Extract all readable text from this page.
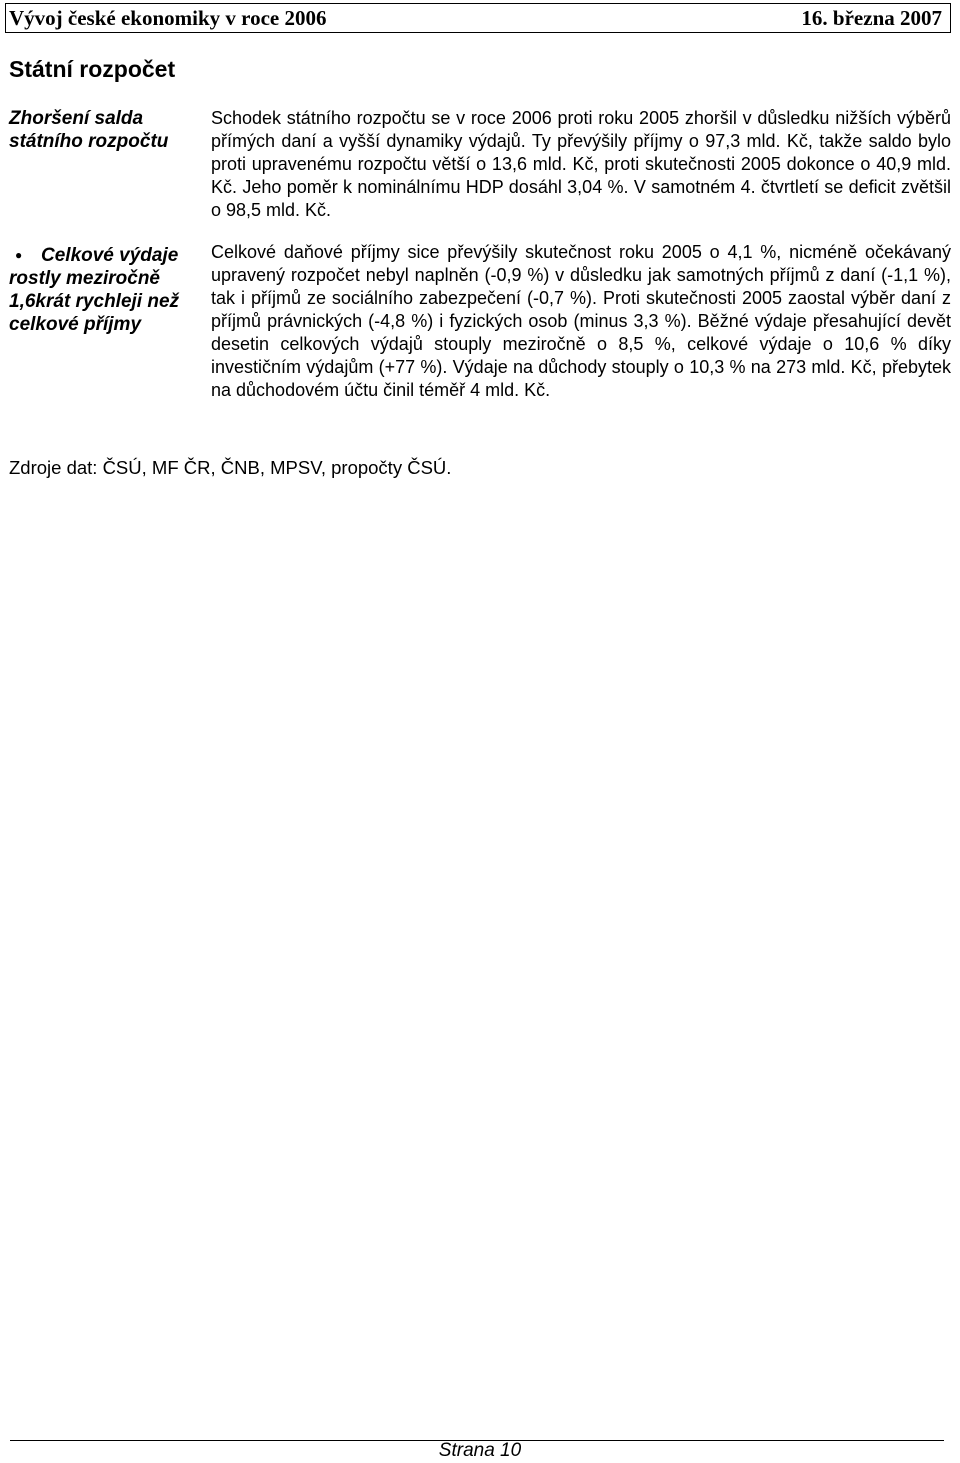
Vývoj české ekonomiky v roce 2006	16. března 2007
Státní rozpočet
Zhoršení salda státního rozpočtu

Schodek státního rozpočtu se v roce 2006 proti roku 2005 zhoršil v důsledku nižších výběrů přímých daní a vyšší dynamiky výdajů. Ty převýšily příjmy o 97,3 mld. Kč, takže saldo bylo proti upravenému rozpočtu větší o 13,6 mld. Kč, proti skutečnosti 2005 dokonce o 40,9 mld. Kč. Jeho poměr k nominálnímu HDP dosáhl 3,04 %. V samotném 4. čtvrtletí se deficit zvětšil o 98,5 mld. Kč.

● Celkové výdaje rostly meziročně 1,6krát rychleji než celkové příjmy

Celkové daňové příjmy sice převýšily skutečnost roku 2005 o 4,1 %, nicméně očekávaný upravený rozpočet nebyl naplněn (-0,9 %) v důsledku jak samotných příjmů z daní (-1,1 %), tak i příjmů ze sociálního zabezpečení (-0,7 %). Proti skutečnosti 2005 zaostal výběr daní z příjmů právnických (-4,8 %) i fyzických osob (minus 3,3 %). Běžné výdaje přesahující devět desetin celkových výdajů stouply meziročně o 8,5 %, celkové výdaje o 10,6 % díky investičním výdajům (+77 %). Výdaje na důchody stouply o 10,3 % na 273 mld. Kč, přebytek na důchodovém účtu činil téměř 4 mld. Kč.

Zdroje dat: ČSÚ, MF ČR, ČNB, MPSV, propočty ČSÚ.

Strana 10
